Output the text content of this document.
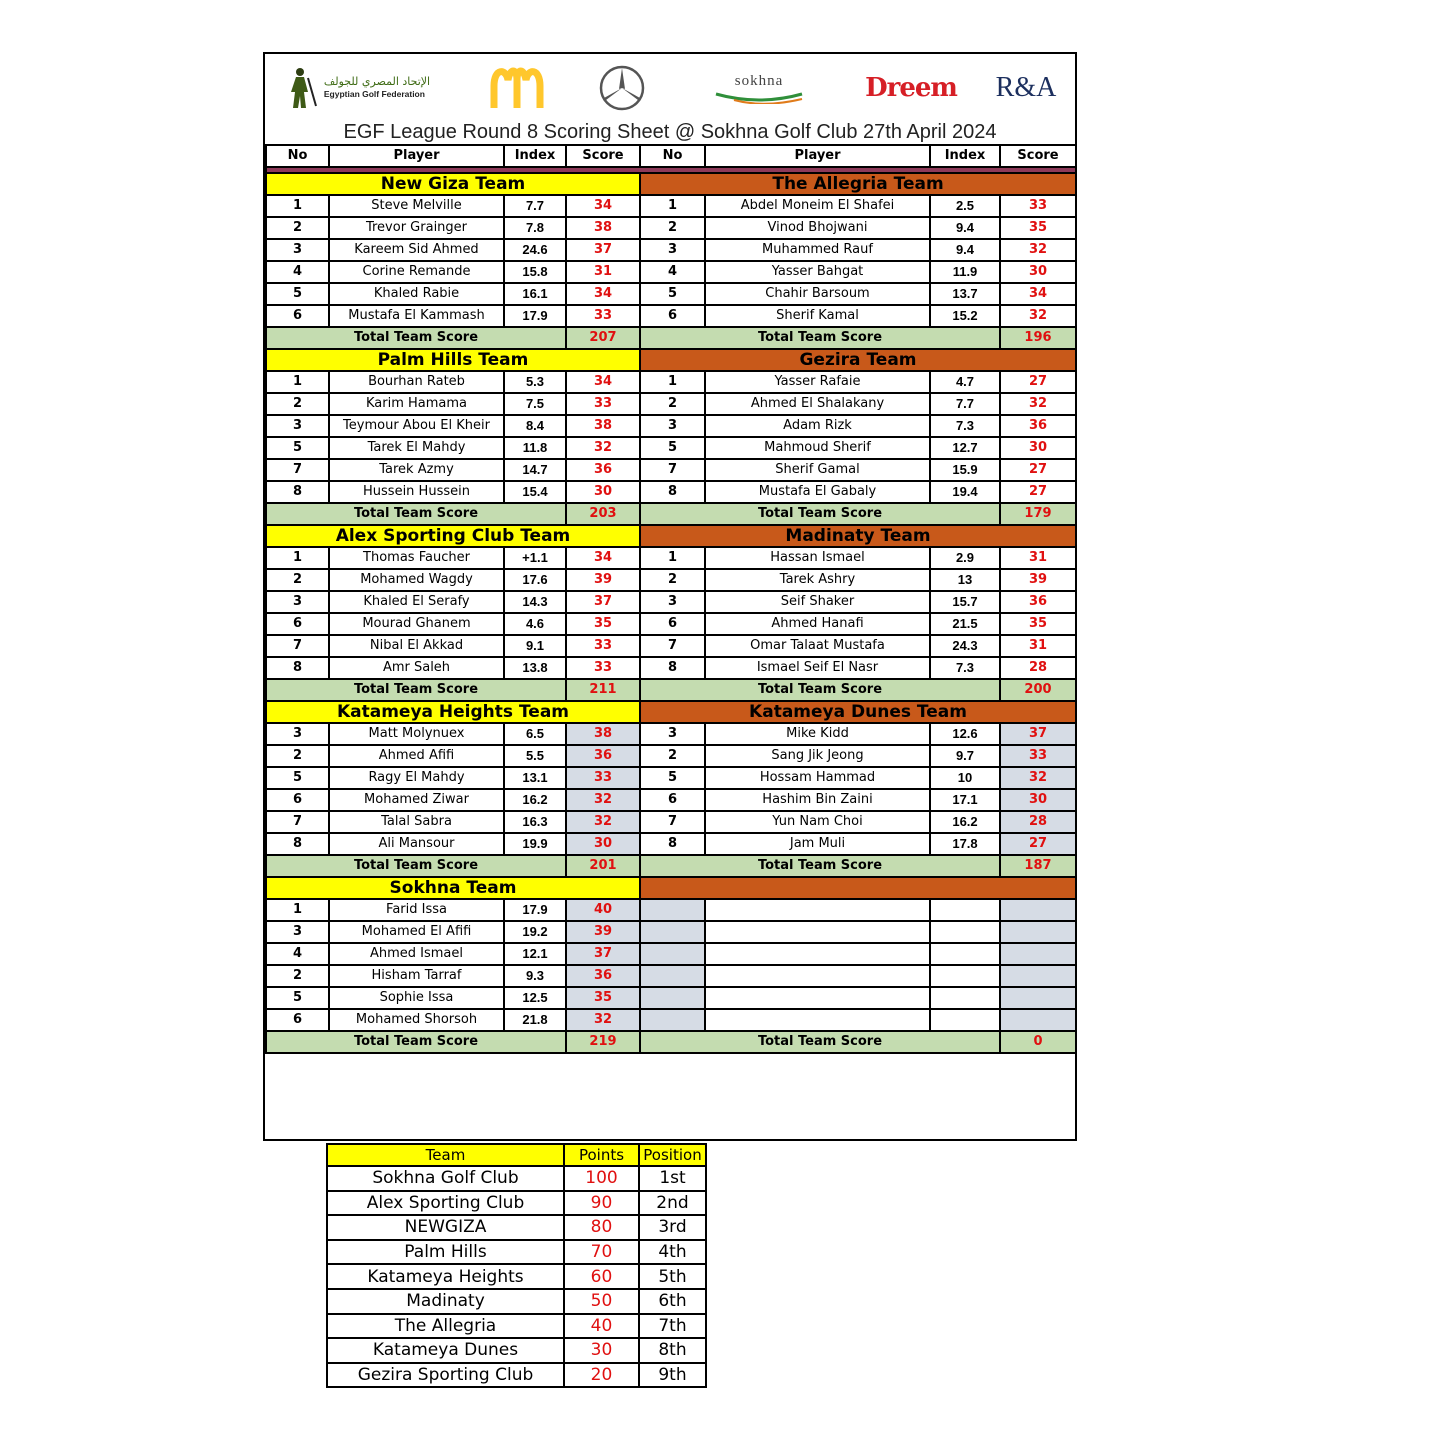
الإتحاد المصري للجولف
Egyptian Golf Federation
sokhna	Dreem R&A
EGF League Round 8 Scoring Sheet @ Sokhna Golf Club 27th April 2024
No	Player	Index	Score	No	Player	Index	Score

New Giza Team				The Allegria Team			
1	Steve Melville	7.7	34	1	Abdel Moneim El Shafei	2.5	33
2	Trevor Grainger	7.8	38	2	Vinod Bhojwani	9.4	35
3	Kareem Sid Ahmed	24.6	37	3	Muhammed Rauf	9.4	32
4	Corine Remande	15.8	31	4	Yasser Bahgat	11.9	30
5	Khaled Rabie	16.1	34	5	Chahir Barsoum	13.7	34
6	Mustafa El Kammash	17.9	33	6	Sherif Kamal	15.2	32
Total Team Score			207	Total Team Score			196
Palm Hills Team				Gezira Team			
1	Bourhan Rateb	5.3	34	1	Yasser Rafaie	4.7	27
2	Karim Hamama	7.5	33	2	Ahmed El Shalakany	7.7	32
3	Teymour Abou El Kheir	8.4	38	3	Adam Rizk	7.3	36
5	Tarek El Mahdy	11.8	32	5	Mahmoud Sherif	12.7	30
7	Tarek Azmy	14.7	36	7	Sherif Gamal	15.9	27
8	Hussein Hussein	15.4	30	8	Mustafa El Gabaly	19.4	27
Total Team Score			203	Total Team Score			179
Alex Sporting Club Team				Madinaty Team			
1	Thomas Faucher	+1.1	34	1	Hassan Ismael	2.9	31
2	Mohamed Wagdy	17.6	39	2	Tarek Ashry	13	39
3	Khaled El Serafy	14.3	37	3	Seif Shaker	15.7	36
6	Mourad Ghanem	4.6	35	6	Ahmed Hanafi	21.5	35
7	Nibal El Akkad	9.1	33	7	Omar Talaat Mustafa	24.3	31
8	Amr Saleh	13.8	33	8	Ismael Seif El Nasr	7.3	28
Total Team Score			211	Total Team Score			200
Katameya Heights Team				Katameya Dunes Team			
3	Matt Molynuex	6.5	38	3	Mike Kidd	12.6	37
2	Ahmed Afifi	5.5	36	2	Sang Jik Jeong	9.7	33
5	Ragy El Mahdy	13.1	33	5	Hossam Hammad	10	32
6	Mohamed Ziwar	16.2	32	6	Hashim Bin Zaini	17.1	30
7	Talal Sabra	16.3	32	7	Yun Nam Choi	16.2	28
8	Ali Mansour	19.9	30	8	Jam Muli	17.8	27
Total Team Score			201	Total Team Score			187
Sokhna Team							
1	Farid Issa	17.9	40				
3	Mohamed El Afifi	19.2	39				
4	Ahmed Ismael	12.1	37				
2	Hisham Tarraf	9.3	36				
5	Sophie Issa	12.5	35				
6	Mohamed Shorsoh	21.8	32				
Total Team Score			219	Total Team Score			0
Team	Points	Position
Sokhna Golf Club	100	1st
Alex Sporting Club	90	2nd
NEWGIZA	80	3rd
Palm Hills	70	4th
Katameya Heights	60	5th
Madinaty	50	6th
The Allegria	40	7th
Katameya Dunes	30	8th
Gezira Sporting Club	20	9th
